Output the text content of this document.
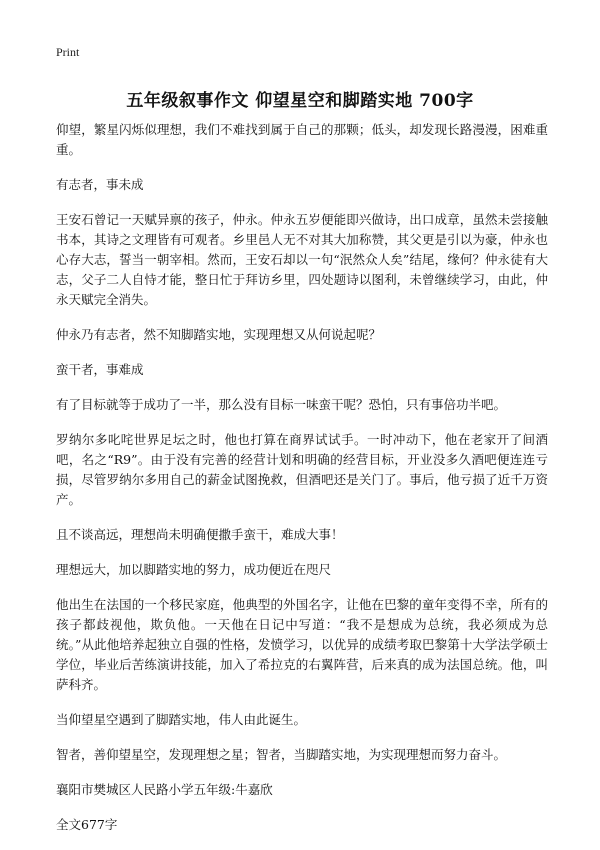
Print
五年级叙事作文 仰望星空和脚踏实地 700字

仰望，繁星闪烁似理想，我们不难找到属于自己的那颗；低头，却发现长路漫漫，困难重重。

有志者，事未成

王安石曾记一天赋异禀的孩子，仲永。仲永五岁便能即兴做诗，出口成章，虽然未尝接触书本，其诗之文理皆有可观者。乡里邑人无不对其大加称赞，其父更是引以为豪，仲永也心存大志，誓当一朝宰相。然而，王安石却以一句“泯然众人矣”结尾，缘何？仲永徒有大志，父子二人自恃才能，整日忙于拜访乡里，四处题诗以图利，未曾继续学习，由此，仲永天赋完全消失。

仲永乃有志者，然不知脚踏实地，实现理想又从何说起呢？

蛮干者，事难成

有了目标就等于成功了一半，那么没有目标一味蛮干呢？恐怕，只有事倍功半吧。

罗纳尔多叱咤世界足坛之时，他也打算在商界试试手。一时冲动下，他在老家开了间酒吧，名之“R9”。由于没有完善的经营计划和明确的经营目标，开业没多久酒吧便连连亏损，尽管罗纳尔多用自己的薪金试图挽救，但酒吧还是关门了。事后，他亏损了近千万资产。

且不谈高远，理想尚未明确便撒手蛮干，难成大事！

理想远大，加以脚踏实地的努力，成功便近在咫尺

他出生在法国的一个移民家庭，他典型的外国名字，让他在巴黎的童年变得不幸，所有的孩子都歧视他，欺负他。一天他在日记中写道：“我不是想成为总统，我必须成为总统。”从此他培养起独立自强的性格，发愤学习，以优异的成绩考取巴黎第十大学法学硕士学位，毕业后苦练演讲技能，加入了希拉克的右翼阵营，后来真的成为法国总统。他，叫萨科齐。

当仰望星空遇到了脚踏实地，伟人由此诞生。

智者，善仰望星空，发现理想之星；智者，当脚踏实地，为实现理想而努力奋斗。

襄阳市樊城区人民路小学五年级:牛嘉欣

全文677字
